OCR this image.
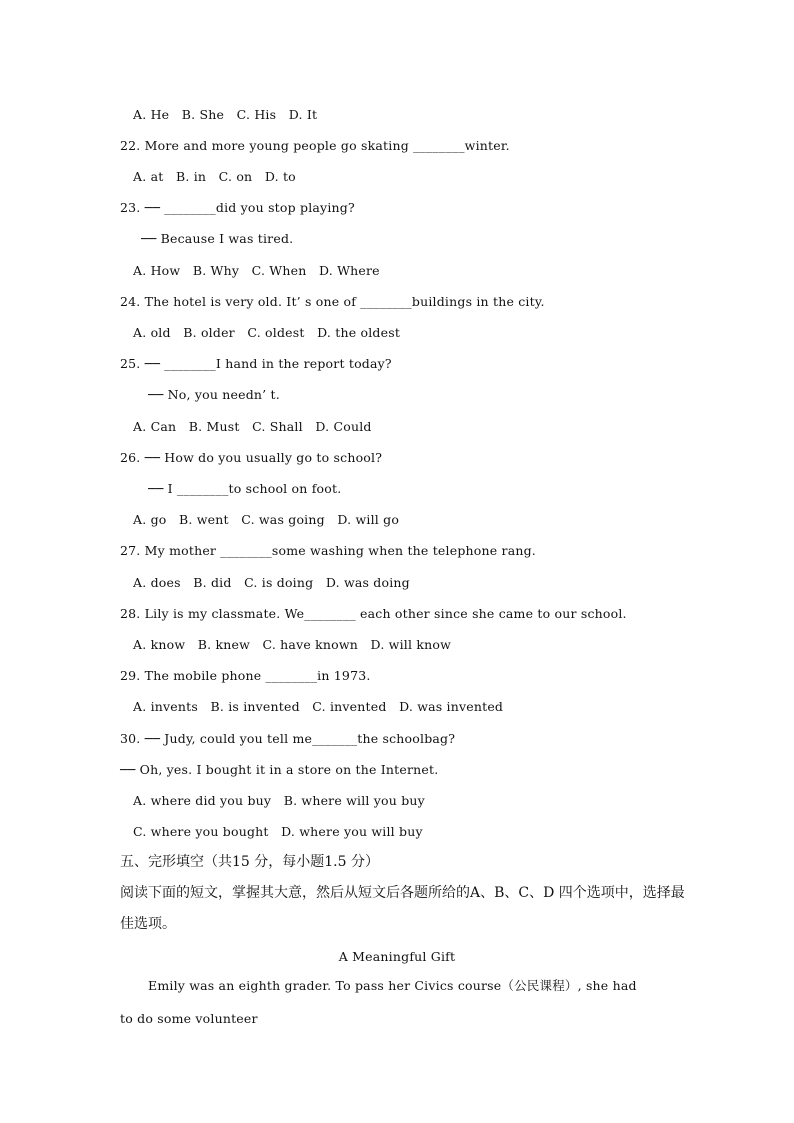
A. He   B. She   C. His   D. It
22. More and more young people go skating ________winter.
A. at   B. in   C. on   D. to
23. ── ________did you stop playing?
── Because I was tired.
A. How   B. Why   C. When   D. Where
24. The hotel is very old. It’ s one of ________buildings in the city.
A. old   B. older   C. oldest   D. the oldest
25. ── ________I hand in the report today?
── No, you needn’ t.
A. Can   B. Must   C. Shall   D. Could
26. ── How do you usually go to school?
── I ________to school on foot.
A. go   B. went   C. was going   D. will go
27. My mother ________some washing when the telephone rang.
A. does   B. did   C. is doing   D. was doing
28. Lily is my classmate. We________ each other since she came to our school.
A. know   B. knew   C. have known   D. will know
29. The mobile phone ________in 1973.
A. invents   B. is invented   C. invented   D. was invented
30. ── Judy, could you tell me_______the schoolbag?
── Oh, yes. I bought it in a store on the Internet.
A. where did you buy   B. where will you buy
C. where you bought   D. where you will buy
五、完形填空（共15 分，每小题1.5 分）
阅读下面的短文，掌握其大意，然后从短文后各题所给的A、B、C、D 四个选项中，选择最
佳选项。
A Meaningful Gift
Emily was an eighth grader. To pass her Civics course（公民课程）, she had
to do some volunteer
